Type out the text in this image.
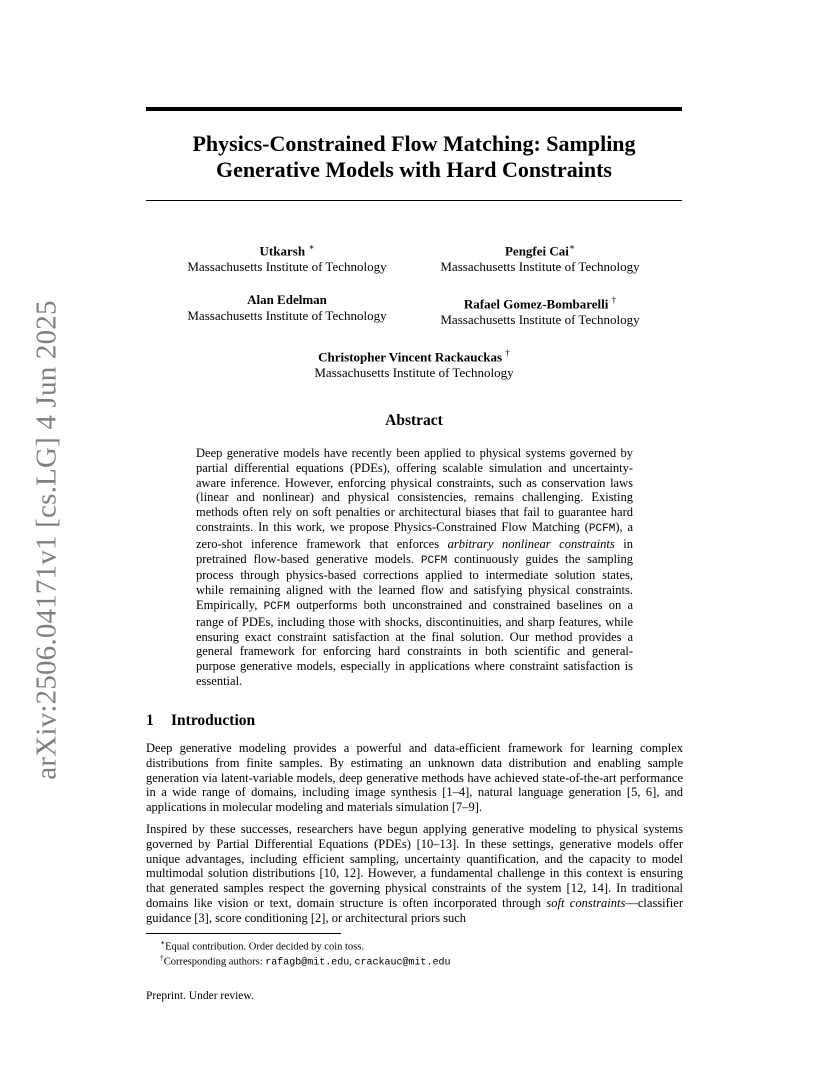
arXiv:2506.04171v1 [cs.LG] 4 Jun 2025
Physics-Constrained Flow Matching: Sampling
Generative Models with Hard Constraints
Utkarsh ∗
Massachusetts Institute of Technology
Pengfei Cai∗
Massachusetts Institute of Technology
Alan Edelman
Massachusetts Institute of Technology
Rafael Gomez-Bombarelli †
Massachusetts Institute of Technology
Christopher Vincent Rackauckas †
Massachusetts Institute of Technology
Abstract

Deep generative models have recently been applied to physical systems governed by partial differential equations (PDEs), offering scalable simulation and uncertainty-aware inference. However, enforcing physical constraints, such as conservation laws (linear and nonlinear) and physical consistencies, remains challenging. Existing methods often rely on soft penalties or architectural biases that fail to guarantee hard constraints. In this work, we propose Physics-Constrained Flow Matching (PCFM), a zero-shot inference framework that enforces arbitrary nonlinear constraints in pretrained flow-based generative models. PCFM continuously guides the sampling process through physics-based corrections applied to intermediate solution states, while remaining aligned with the learned flow and satisfying physical constraints. Empirically, PCFM outperforms both unconstrained and constrained baselines on a range of PDEs, including those with shocks, discontinuities, and sharp features, while ensuring exact constraint satisfaction at the final solution. Our method provides a general framework for enforcing hard constraints in both scientific and general-purpose generative models, especially in applications where constraint satisfaction is essential.

1 Introduction

Deep generative modeling provides a powerful and data-efficient framework for learning complex distributions from finite samples. By estimating an unknown data distribution and enabling sample generation via latent-variable models, deep generative methods have achieved state-of-the-art performance in a wide range of domains, including image synthesis [1–4], natural language generation [5, 6], and applications in molecular modeling and materials simulation [7–9].

Inspired by these successes, researchers have begun applying generative modeling to physical systems governed by Partial Differential Equations (PDEs) [10–13]. In these settings, generative models offer unique advantages, including efficient sampling, uncertainty quantification, and the capacity to model multimodal solution distributions [10, 12]. However, a fundamental challenge in this context is ensuring that generated samples respect the governing physical constraints of the system [12, 14]. In traditional domains like vision or text, domain structure is often incorporated through soft constraints—classifier guidance [3], score conditioning [2], or architectural priors such

∗Equal contribution. Order decided by coin toss.
†Corresponding authors: rafagb@mit.edu, crackauc@mit.edu
Preprint. Under review.
